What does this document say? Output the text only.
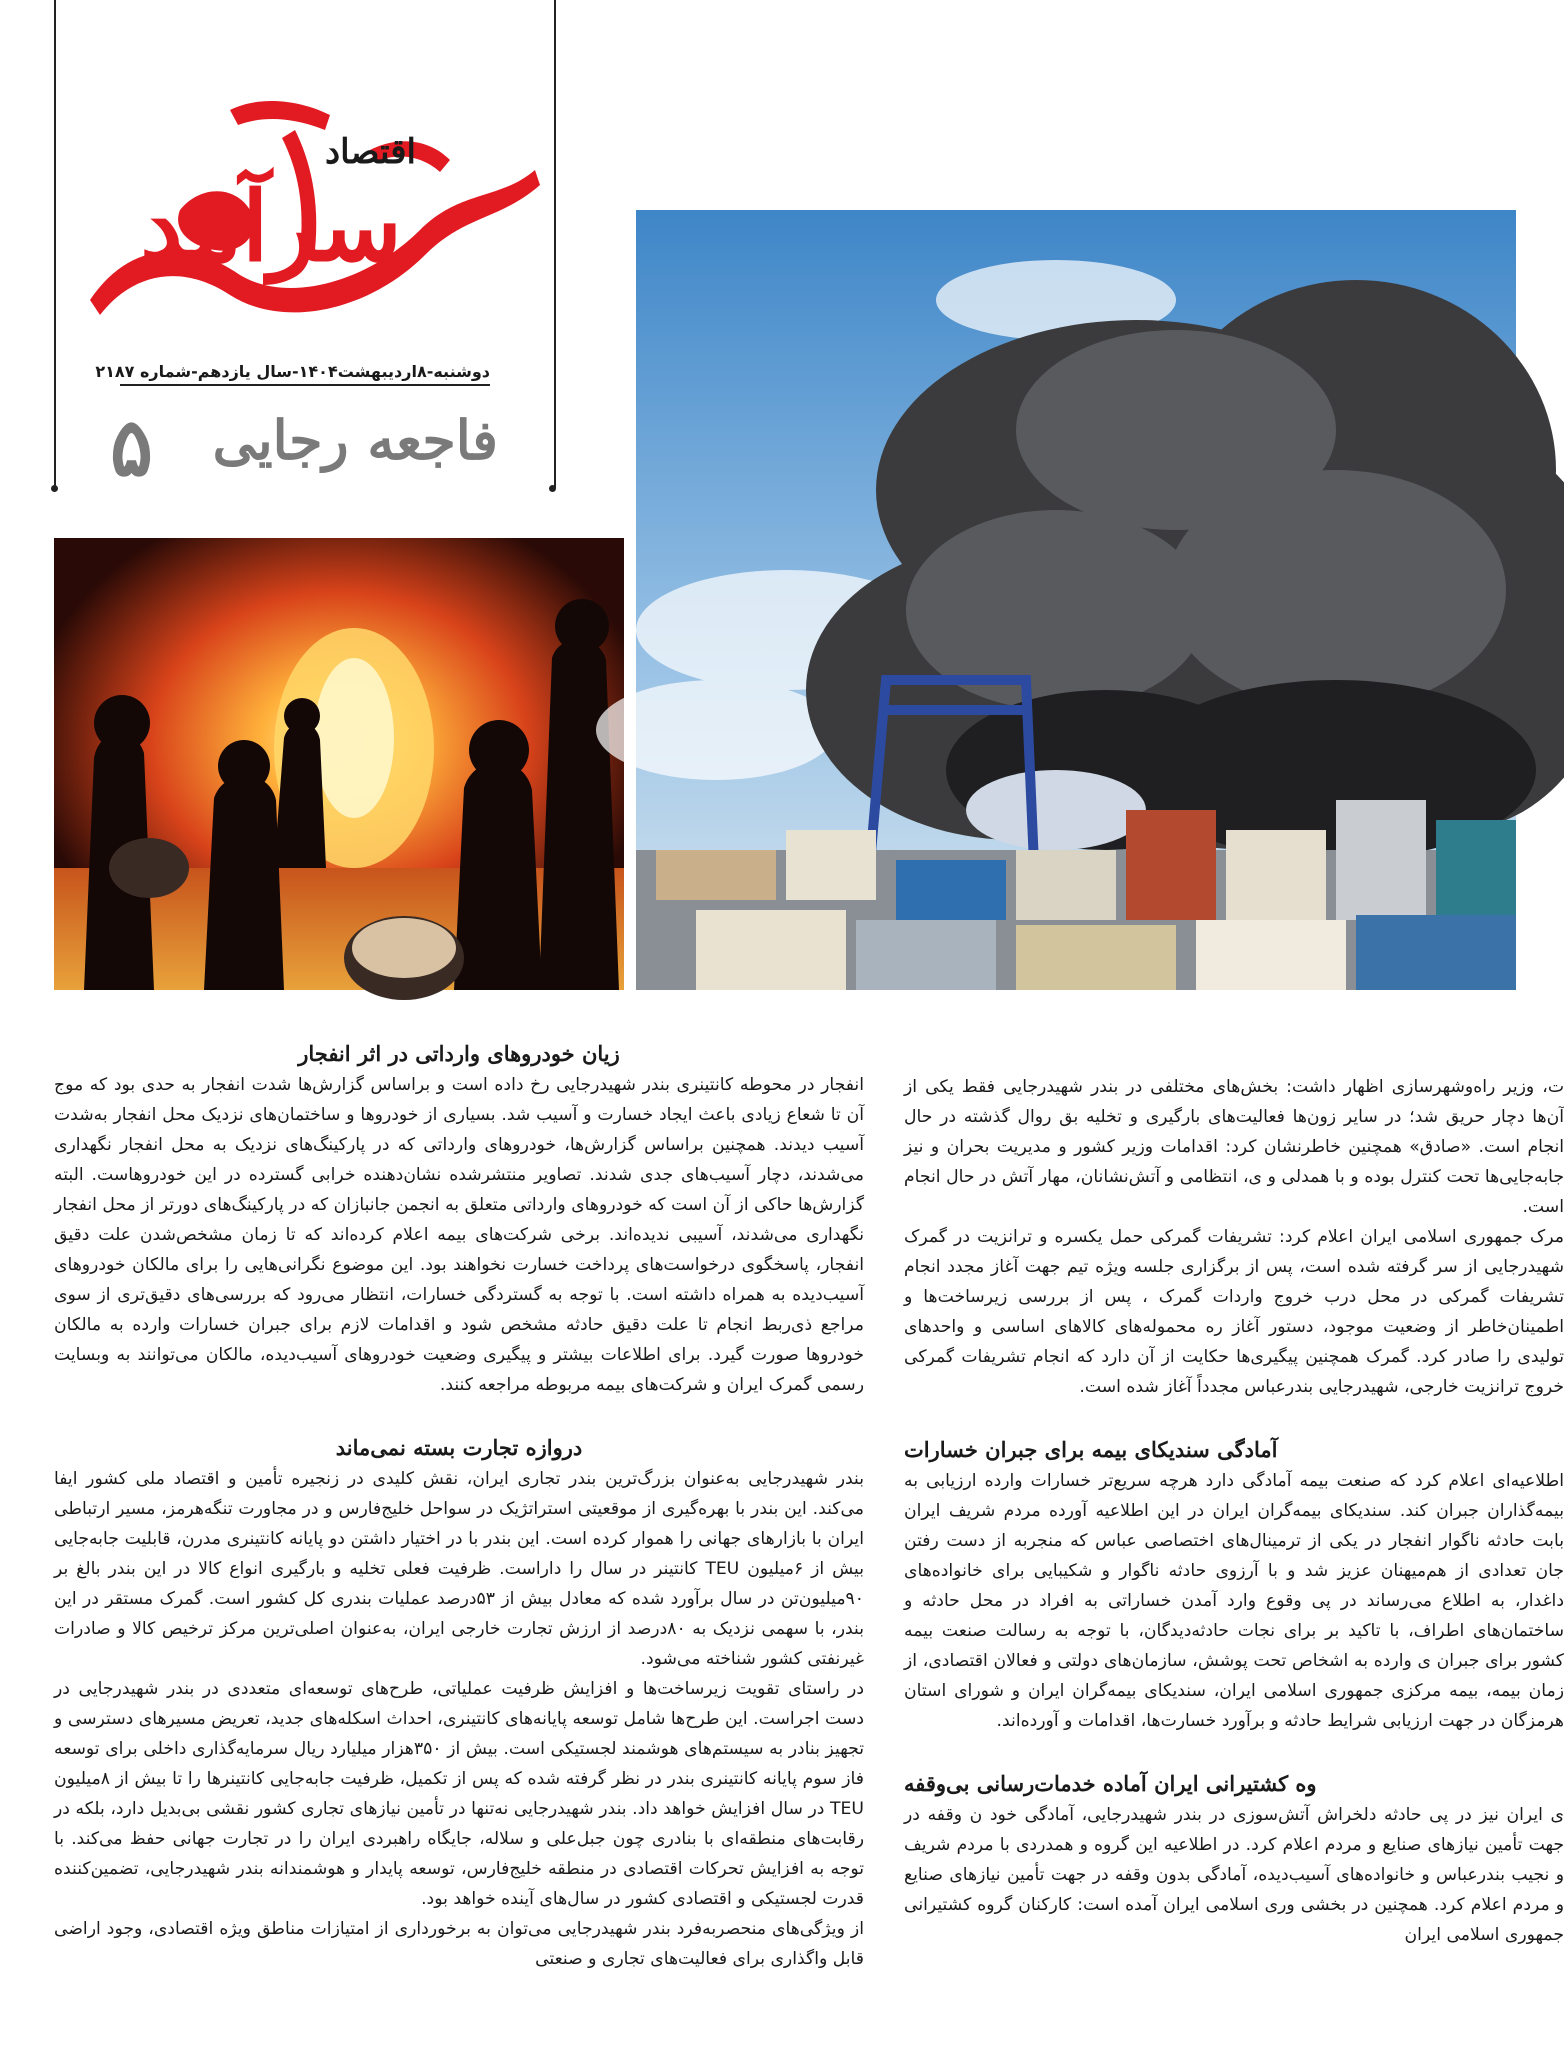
سرآمد
اقتصاد
دوشنبه-۸اردیبهشت۱۴۰۴-سال یازدهم-شماره ۲۱۸۷
فاجعه رجایی
۵
زیان خودروهای وارداتی در اثر انفجار

انفجار در محوطه کانتینری بندر شهیدرجایی رخ داده است و براساس گزارش‌ها شدت انفجار به حدی بود که موج آن تا شعاع زیادی باعث ایجاد خسارت و آسیب شد. بسیاری از خودروها و ساختمان‌های نزدیک محل انفجار به‌شدت آسیب دیدند. همچنین براساس گزارش‌ها، خودروهای وارداتی که در پارکینگ‌های نزدیک به محل انفجار نگهداری می‌شدند، دچار آسیب‌های جدی شدند. تصاویر منتشرشده نشان‌دهنده خرابی گسترده در این خودروهاست. البته گزارش‌ها حاکی از آن است که خودروهای وارداتی متعلق به انجمن جانبازان که در پارکینگ‌های دورتر از محل انفجار نگهداری می‌شدند، آسیبی ندیده‌اند. برخی شرکت‌های بیمه اعلام کرده‌اند که تا زمان مشخص‌شدن علت دقیق انفجار، پاسخگوی درخواست‌های پرداخت خسارت نخواهند بود. این موضوع نگرانی‌هایی را برای مالکان خودروهای آسیب‌دیده به همراه داشته است. با توجه به گستردگی خسارات، انتظار می‌رود که بررسی‌های دقیق‌تری از سوی مراجع ذی‌ربط انجام تا علت دقیق حادثه مشخص شود و اقدامات لازم برای جبران خسارات وارده به مالکان خودروها صورت گیرد. برای اطلاعات بیشتر و پیگیری وضعیت خودروهای آسیب‌دیده، مالکان می‌توانند به وبسایت رسمی گمرک ایران و شرکت‌های بیمه مربوطه مراجعه کنند.

دروازه تجارت بسته نمی‌ماند

بندر شهیدرجایی به‌عنوان بزرگ‌ترین بندر تجاری ایران، نقش کلیدی در زنجیره تأمین و اقتصاد ملی کشور ایفا می‌کند. این بندر با بهره‌گیری از موقعیتی استراتژیک در سواحل خلیج‌فارس و در مجاورت تنگه‌هرمز، مسیر ارتباطی ایران با بازارهای جهانی را هموار کرده است. این بندر با در اختیار داشتن دو پایانه کانتینری مدرن، قابلیت جابه‌جایی بیش از ۶میلیون TEU کانتینر در سال را داراست. ظرفیت فعلی تخلیه و بارگیری انواع کالا در این بندر بالغ بر ۹۰میلیون‌تن در سال برآورد شده که معادل بیش از ۵۳درصد عملیات بندری کل کشور است. گمرک مستقر در این بندر، با سهمی نزدیک به ۸۰درصد از ارزش تجارت خارجی ایران، به‌عنوان اصلی‌ترین مرکز ترخیص کالا و صادرات غیرنفتی کشور شناخته می‌شود.

در راستای تقویت زیرساخت‌ها و افزایش ظرفیت عملیاتی، طرح‌های توسعه‌ای متعددی در بندر شهیدرجایی در دست اجراست. این طرح‌ها شامل توسعه پایانه‌های کانتینری، احداث اسکله‌های جدید، تعریض مسیرهای دسترسی و تجهیز بنادر به سیستم‌های هوشمند لجستیکی است. بیش از ۳۵۰هزار میلیارد ریال سرمایه‌گذاری داخلی برای توسعه فاز سوم پایانه کانتینری بندر در نظر گرفته شده که پس از تکمیل، ظرفیت جابه‌جایی کانتینرها را تا بیش از ۸میلیون TEU در سال افزایش خواهد داد. بندر شهیدرجایی نه‌تنها در تأمین نیازهای تجاری کشور نقشی بی‌بدیل دارد، بلکه در رقابت‌های منطقه‌ای با بنادری چون جبل‌علی و سلاله، جایگاه راهبردی ایران را در تجارت جهانی حفظ می‌کند. با توجه به افزایش تحرکات اقتصادی در منطقه خلیج‌فارس، توسعه پایدار و هوشمندانه بندر شهیدرجایی، تضمین‌کننده قدرت لجستیکی و اقتصادی کشور در سال‌های آینده خواهد بود.

از ویژگی‌های منحصربه‌فرد بندر شهیدرجایی می‌توان به برخورداری از امتیازات مناطق ویژه اقتصادی، وجود اراضی قابل واگذاری برای فعالیت‌های تجاری و صنعتی

ت، وزیر راه‌وشهرسازی اظهار داشت: بخش‌های مختلفی در بندر شهیدرجایی فقط یکی از آن‌ها دچار حریق شد؛ در سایر زون‌ها فعالیت‌های بارگیری و تخلیه بق روال گذشته در حال انجام است. «صادق» همچنین خاطرنشان کرد: اقدامات وزیر کشور و مدیریت بحران و نیز جابه‌جایی‌ها تحت کنترل بوده و با همدلی و ی، انتظامی و آتش‌نشانان، مهار آتش در حال انجام است.

مرک جمهوری اسلامی ایران اعلام کرد: تشریفات گمرکی حمل یکسره و ترانزیت در گمرک شهیدرجایی از سر گرفته شده است، پس از برگزاری جلسه ویژه تیم جهت آغاز مجدد انجام تشریفات گمرکی در محل درب خروج واردات گمرک ، پس از بررسی زیرساخت‌ها و اطمینان‌خاطر از وضعیت موجود، دستور آغاز ره محموله‌های کالاهای اساسی و واحدهای تولیدی را صادر کرد. گمرک همچنین پیگیری‌ها حکایت از آن دارد که انجام تشریفات گمرکی خروج ترانزیت خارجی، شهیدرجایی بندرعباس مجدداً آغاز شده است.

آمادگی سندیکای بیمه برای جبران خسارات

اطلاعیه‌ای اعلام کرد که صنعت بیمه آمادگی دارد هرچه سریع‌تر خسارات وارده ارزیابی به بیمه‌گذاران جبران کند. سندیکای بیمه‌گران ایران در این اطلاعیه آورده مردم شریف ایران بابت حادثه ناگوار انفجار در یکی از ترمینال‌های اختصاصی عباس که منجربه از دست رفتن جان تعدادی از هم‌میهنان عزیز شد و با آرزوی حادثه ناگوار و شکیبایی برای خانواده‌های داغدار، به اطلاع می‌رساند در پی وقوع وارد آمدن خساراتی به افراد در محل حادثه و ساختمان‌های اطراف، با تاکید بر برای نجات حادثه‌دیدگان، با توجه به رسالت صنعت بیمه کشور برای جبران ی وارده به اشخاص تحت پوشش، سازمان‌های دولتی و فعالان اقتصادی، از زمان بیمه، بیمه مرکزی جمهوری اسلامی ایران، سندیکای بیمه‌گران ایران و شورای استان هرمزگان در جهت ارزیابی شرایط حادثه و برآورد خسارت‌ها، اقدامات و آورده‌اند.

وه کشتیرانی ایران آماده خدمات‌رسانی بی‌وقفه

ی ایران نیز در پی حادثه دلخراش آتش‌سوزی در بندر شهیدرجایی، آمادگی خود ن وقفه در جهت تأمین نیازهای صنایع و مردم اعلام کرد. در اطلاعیه این گروه و همدردی با مردم شریف و نجیب بندرعباس و خانواده‌های آسیب‌دیده، آمادگی بدون وقفه در جهت تأمین نیازهای صنایع و مردم اعلام کرد. همچنین در بخشی وری اسلامی ایران آمده است: کارکنان گروه کشتیرانی جمهوری اسلامی ایران
